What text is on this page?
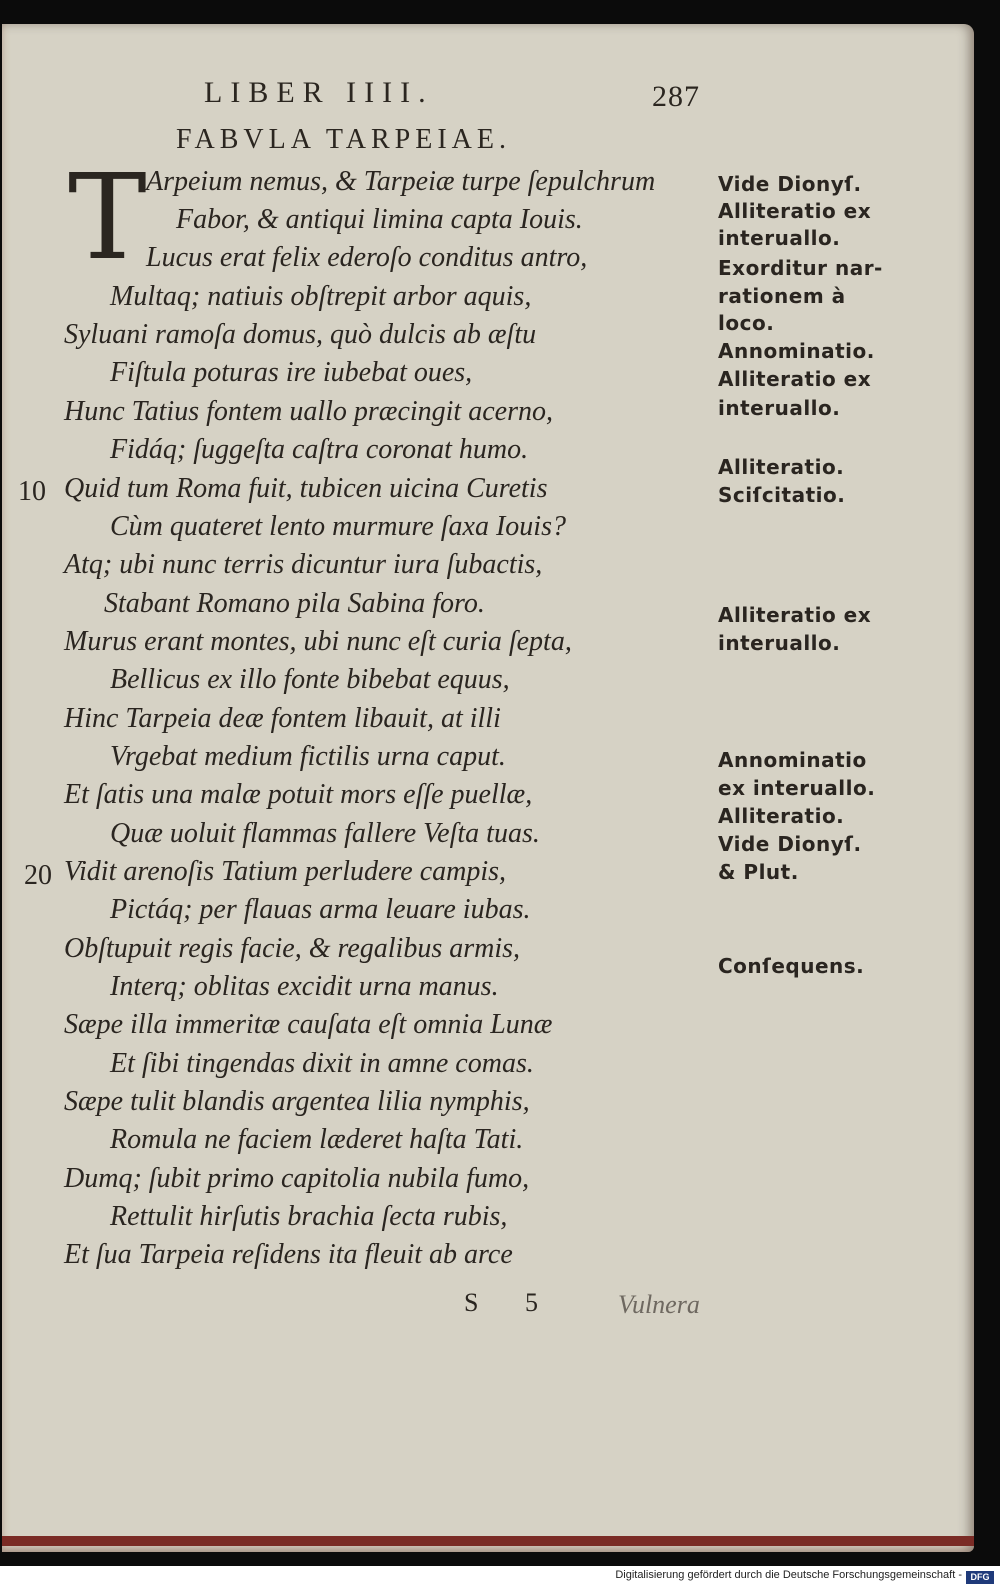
LIBER IIII.	287
FABVLA TARPEIAE.
T Arpeium nemus, & Tarpeiæ turpe ſepulchrum
Fabor, & antiqui limina capta Iouis.
Lucus erat felix ederoſo conditus antro,
Multaq; natiuis obſtrepit arbor aquis,
Syluani ramoſa domus, quò dulcis ab æſtu
Fiſtula poturas ire iubebat oues,
Hunc Tatius fontem uallo præcingit acerno,
Fidáq; ſuggeſta caſtra coronat humo.
10 Quid tum Roma fuit, tubicen uicina Curetis
Cùm quateret lento murmure ſaxa Iouis?
Atq; ubi nunc terris dicuntur iura ſubactis,
Stabant Romano pila Sabina foro.
Murus erant montes, ubi nunc eſt curia ſepta,
Bellicus ex illo fonte bibebat equus,
Hinc Tarpeia deæ fontem libauit, at illi
Vrgebat medium fictilis urna caput.
Et ſatis una malæ potuit mors eſſe puellæ,
Quæ uoluit flammas fallere Veſta tuas.
20 Vidit arenoſis Tatium perludere campis,
Pictáq; per flauas arma leuare iubas.
Obſtupuit regis facie, & regalibus armis,
Interq; oblitas excidit urna manus.
Sæpe illa immeritæ cauſata eſt omnia Lunæ
Et ſibi tingendas dixit in amne comas.
Sæpe tulit blandis argentea lilia nymphis,
Romula ne faciem læderet haſta Tati.
Dumq; ſubit primo capitolia nubila fumo,
Rettulit hirſutis brachia ſecta rubis,
Et ſua Tarpeia reſidens ita fleuit ab arce
Vide Dionyſ.
Alliteratio ex
interuallo.
Exorditur nar-
rationem à
loco.
Annominatio.
Alliteratio ex
interuallo.
Alliteratio.
Sciſcitatio.
Alliteratio ex
interuallo.
Annominatio
ex interuallo.
Alliteratio.
Vide Dionyſ.
& Plut.
Conſequens.
S 5 Vulnera
Digitalisierung gefördert durch die Deutsche Forschungsgemeinschaft - DFG
